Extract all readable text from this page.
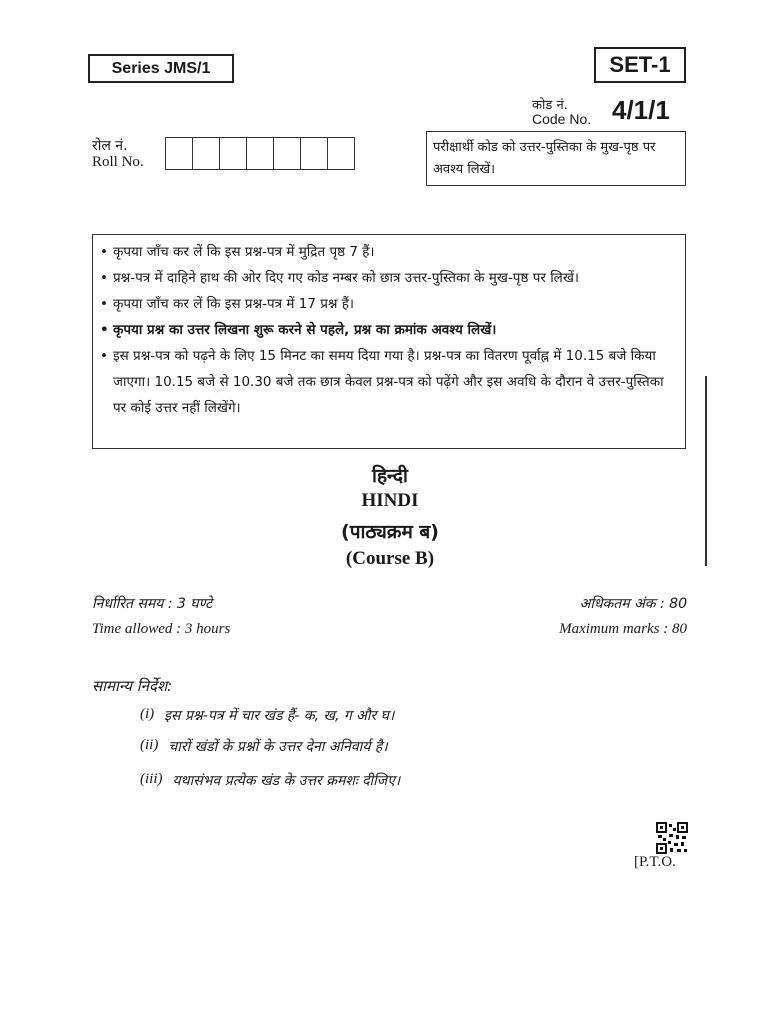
Series JMS/1	SET-1
कोड नं.
Code No. 4/1/1
रोल नं.
Roll No.
परीक्षार्थी कोड को उत्तर-पुस्तिका के मुख-पृष्ठ पर अवश्य लिखें।
• कृपया जाँच कर लें कि इस प्रश्न-पत्र में मुद्रित पृष्ठ 7 हैं।
• प्रश्न-पत्र में दाहिने हाथ की ओर दिए गए कोड नम्बर को छात्र उत्तर-पुस्तिका के मुख-पृष्ठ पर लिखें।
• कृपया जाँच कर लें कि इस प्रश्न-पत्र में 17 प्रश्न हैं।
• कृपया प्रश्न का उत्तर लिखना शुरू करने से पहले, प्रश्न का क्रमांक अवश्य लिखें।
• इस प्रश्न-पत्र को पढ़ने के लिए 15 मिनट का समय दिया गया है। प्रश्न-पत्र का वितरण पूर्वाह्न में 10.15 बजे किया जाएगा। 10.15 बजे से 10.30 बजे तक छात्र केवल प्रश्न-पत्र को पढ़ेंगे और इस अवधि के दौरान वे उत्तर-पुस्तिका पर कोई उत्तर नहीं लिखेंगे।
हिन्दी
HINDI
(पाठ्यक्रम ब)
(Course B)
निर्धारित समय : 3 घण्टे
Time allowed : 3 hours
अधिकतम अंक : 80
Maximum marks : 80
सामान्य निर्देश:
(i) इस प्रश्न-पत्र में चार खंड हैं- क, ख, ग और घ।
(ii) चारों खंडों के प्रश्नों के उत्तर देना अनिवार्य है।
(iii) यथासंभव प्रत्येक खंड के उत्तर क्रमशः दीजिए।
[P.T.O.
